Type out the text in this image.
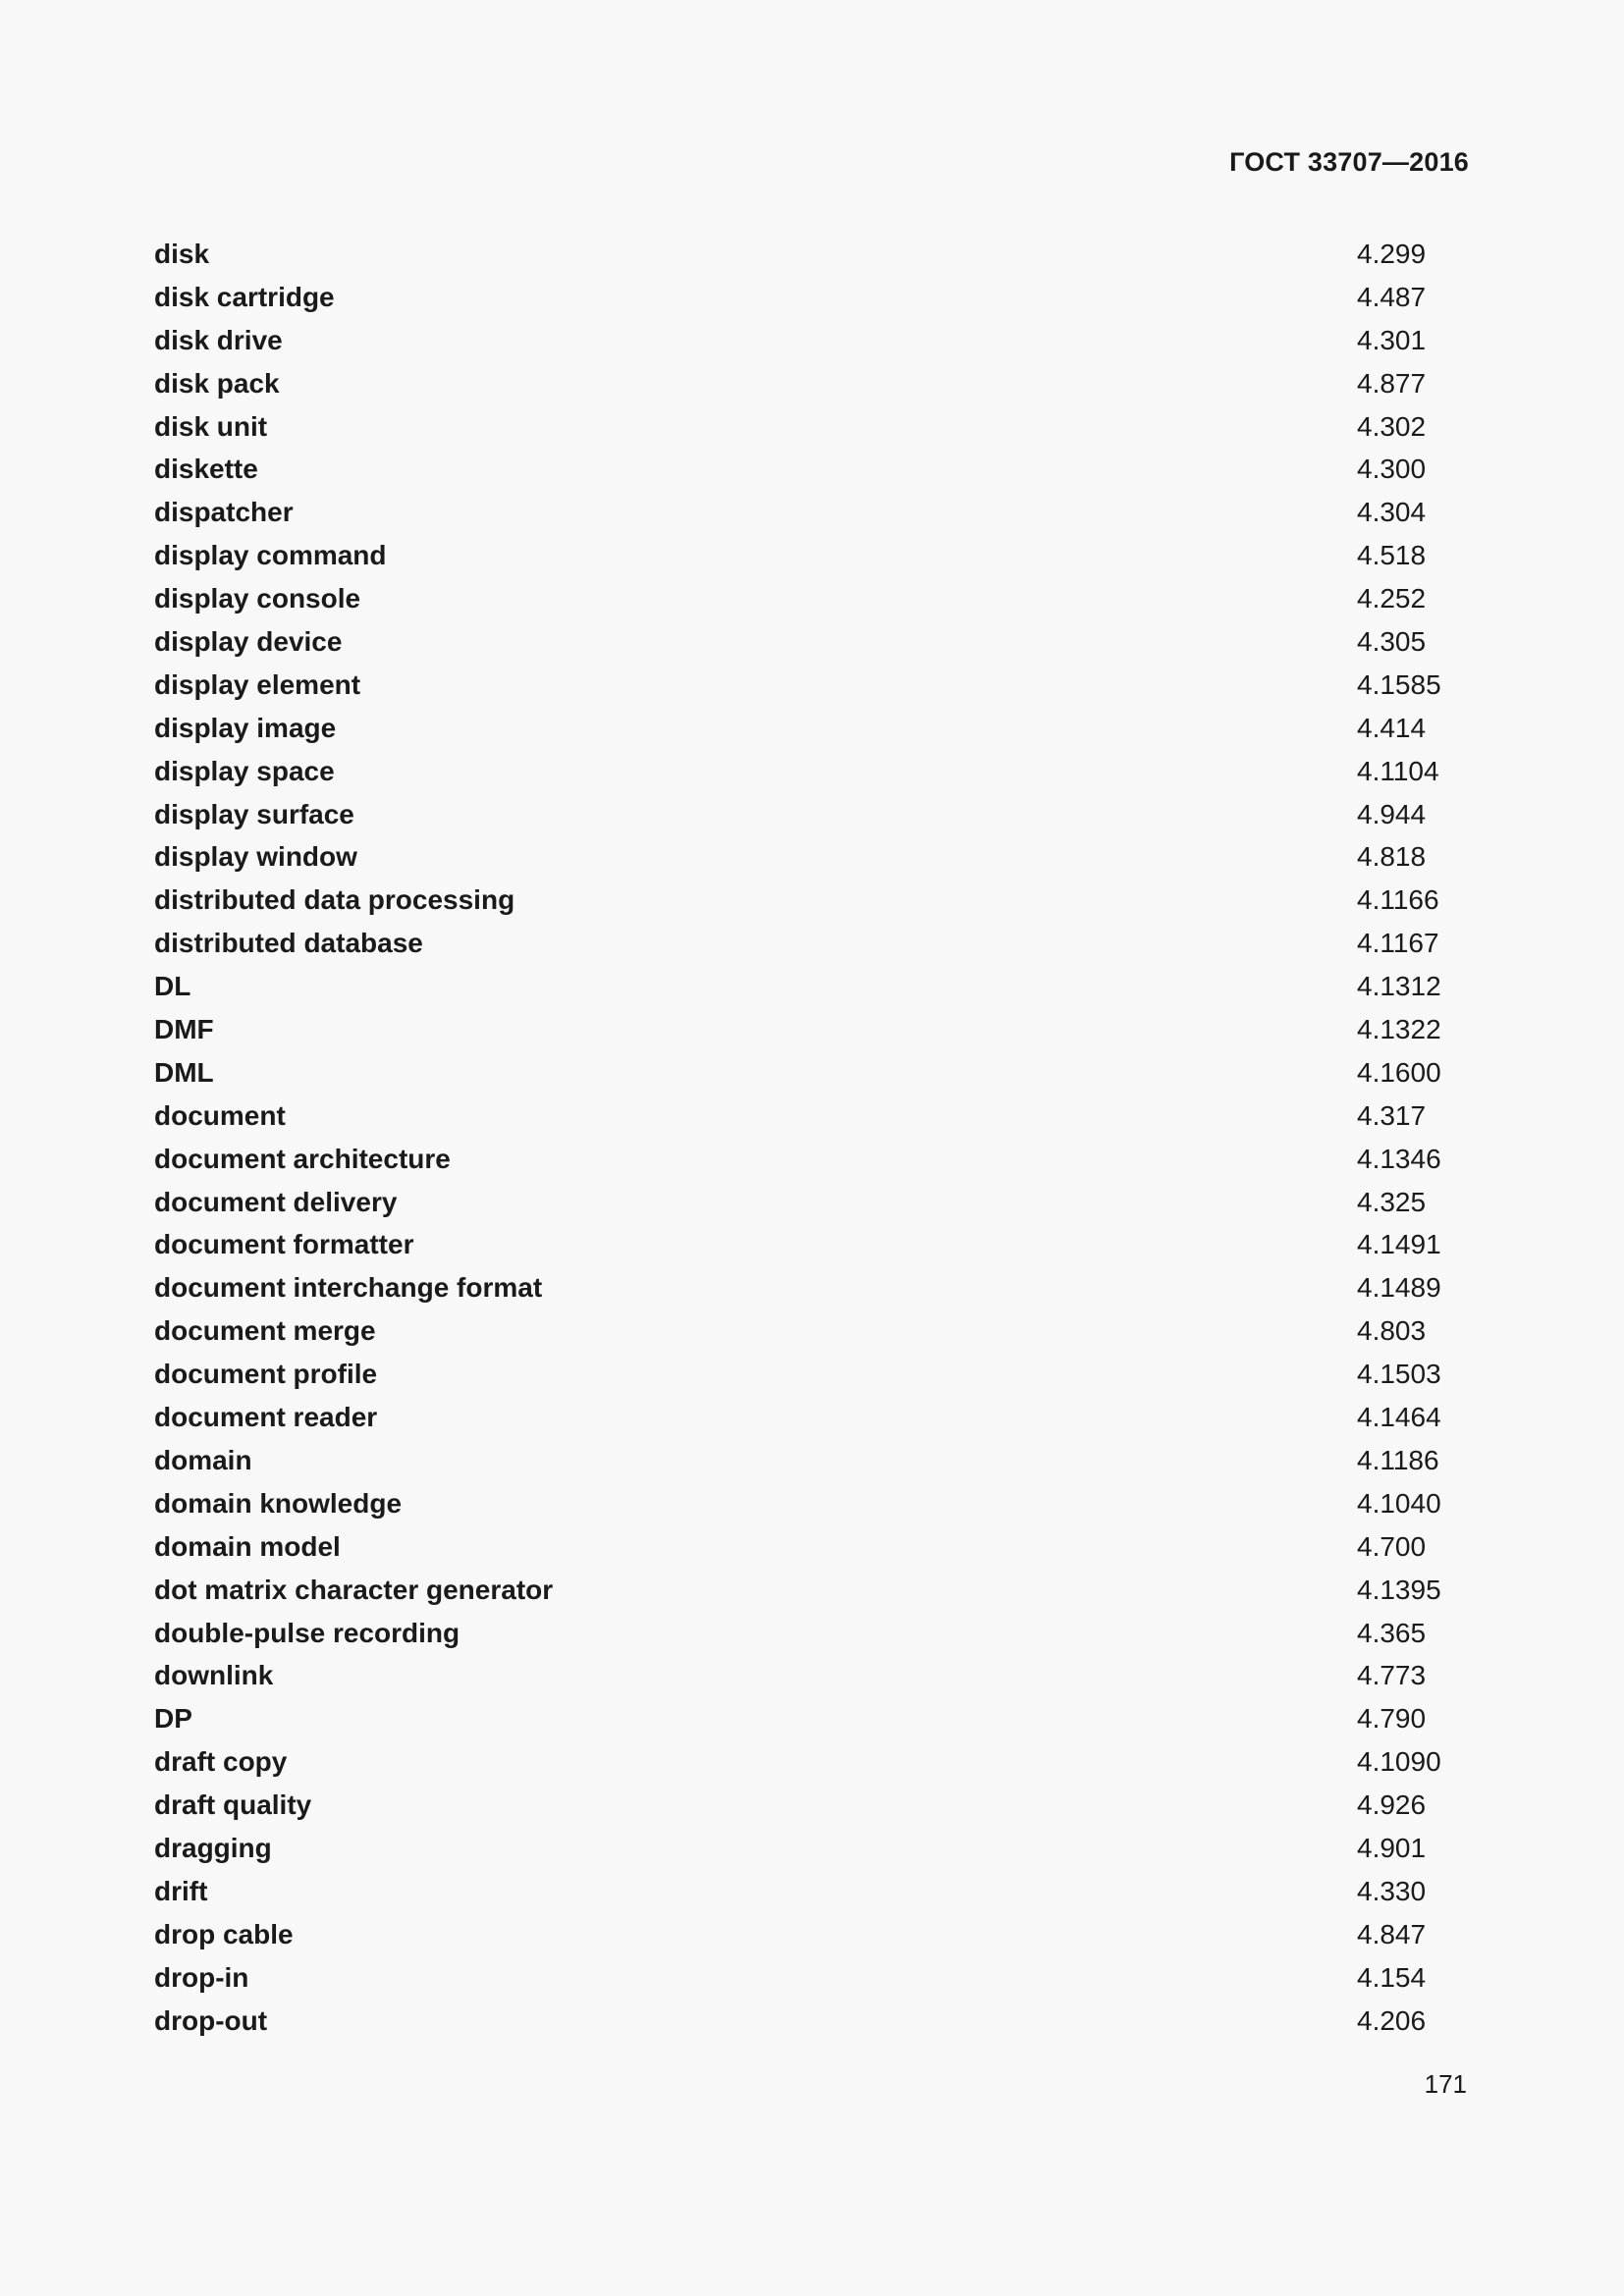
ГОСТ 33707—2016
disk	4.299
disk cartridge	4.487
disk drive	4.301
disk pack	4.877
disk unit	4.302
diskette	4.300
dispatcher	4.304
display command	4.518
display console	4.252
display device	4.305
display element	4.1585
display image	4.414
display space	4.1104
display surface	4.944
display window	4.818
distributed data processing	4.1166
distributed database	4.1167
DL	4.1312
DMF	4.1322
DML	4.1600
document	4.317
document architecture	4.1346
document delivery	4.325
document formatter	4.1491
document interchange format	4.1489
document merge	4.803
document profile	4.1503
document reader	4.1464
domain	4.1186
domain knowledge	4.1040
domain model	4.700
dot matrix character generator	4.1395
double-pulse recording	4.365
downlink	4.773
DP	4.790
draft copy	4.1090
draft quality	4.926
dragging	4.901
drift	4.330
drop cable	4.847
drop-in	4.154
drop-out	4.206
171
